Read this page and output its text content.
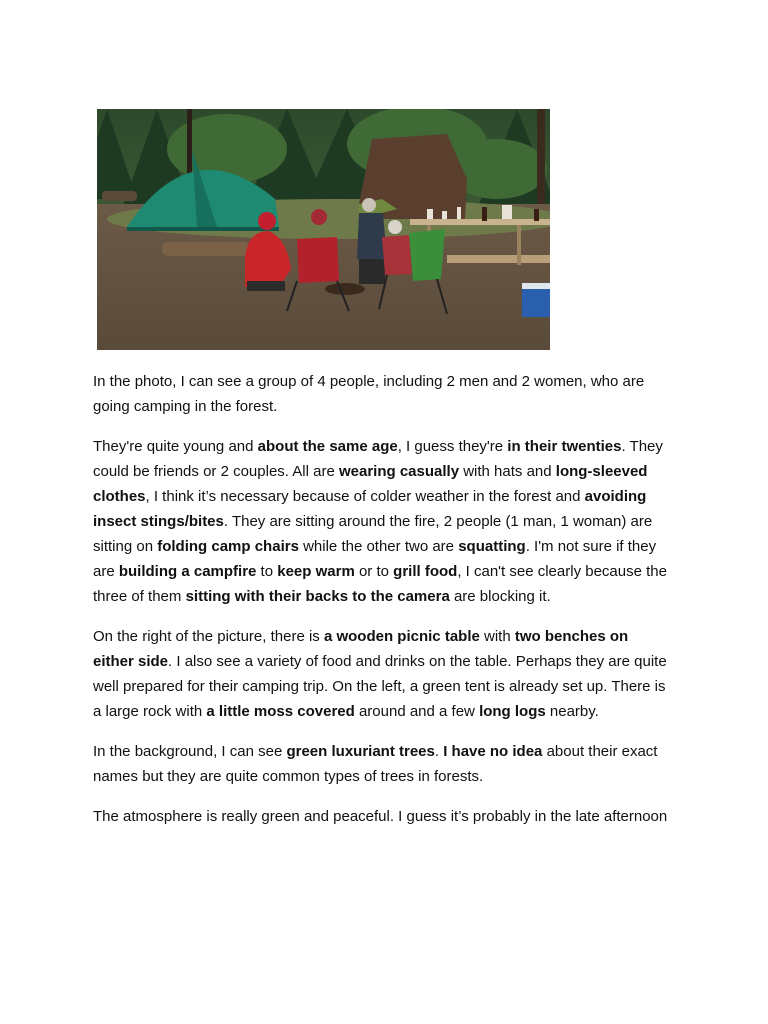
In the photo, I can see a group of 4 people, including 2 men and 2 women, who are going camping in the forest.

They're quite young and about the same age, I guess they're in their twenties. They could be friends or 2 couples. All are wearing casually with hats and long-sleeved clothes, I think it’s necessary because of colder weather in the forest and avoiding insect stings/bites. They are sitting around the fire, 2 people (1 man, 1 woman) are sitting on folding camp chairs while the other two are squatting. I'm not sure if they are building a campfire to keep warm or to grill food, I can't see clearly because the three of them sitting with their backs to the camera are blocking it.

On the right of the picture, there is a wooden picnic table with two benches on either side. I also see a variety of food and drinks on the table. Perhaps they are quite well prepared for their camping trip. On the left, a green tent is already set up. There is a large rock with a little moss covered around and a few long logs nearby.

In the background, I can see green luxuriant trees. I have no idea about their exact names but they are quite common types of trees in forests.

The atmosphere is really green and peaceful. I guess it’s probably in the late afternoon
